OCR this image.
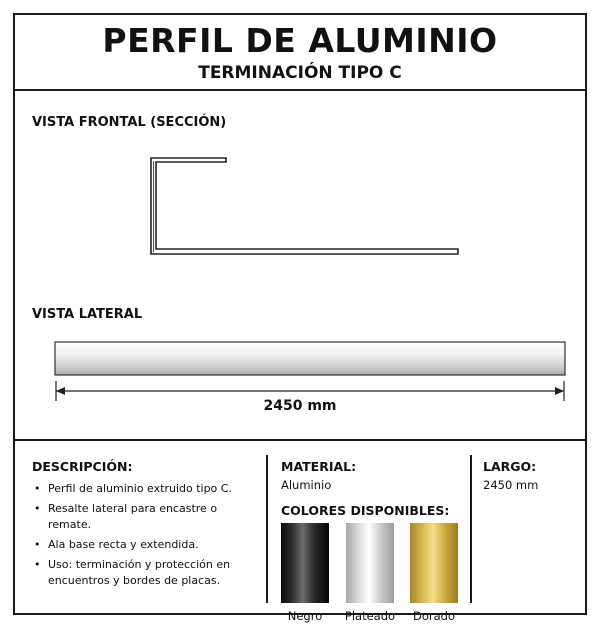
PERFIL DE ALUMINIO
TERMINACIÓN TIPO C
VISTA FRONTAL (SECCIÓN)
VISTA LATERAL
2450 mm
DESCRIPCIÓN:
• Perfil de aluminio extruido tipo C.
• Resalte lateral para encastre o remate.
• Ala base recta y extendida.
• Uso: terminación y protección en encuentros y bordes de placas.
MATERIAL:
Aluminio
COLORES DISPONIBLES:
Negro	Plateado	Dorado
LARGO:
2450 mm
